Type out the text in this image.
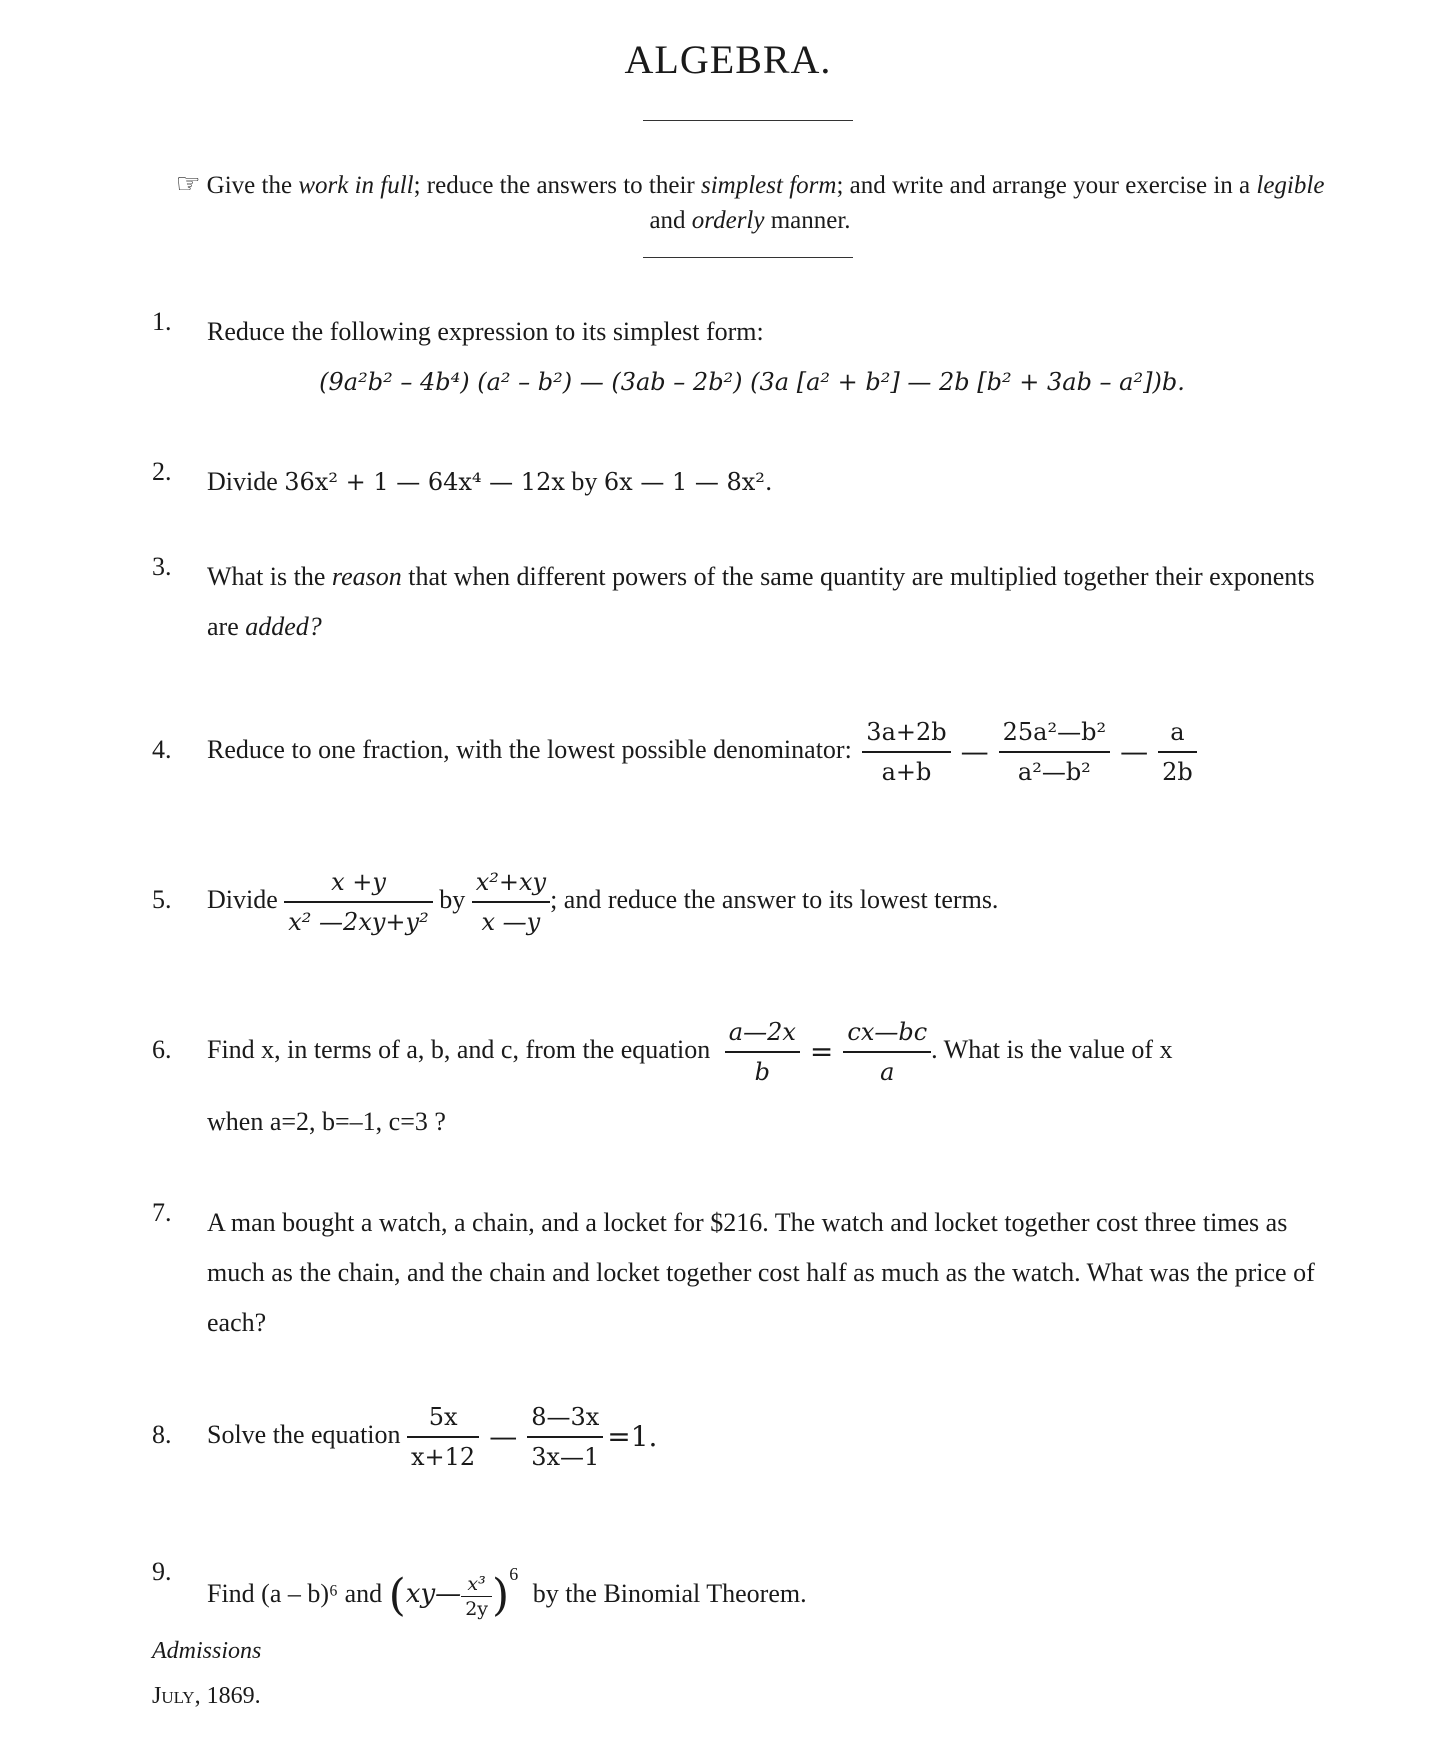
ALGEBRA.
☞ Give the work in full; reduce the answers to their simplest form; and write and arrange your exercise in a legible and orderly manner.
1. Reduce the following expression to its simplest form:
(9a²b² – 4b⁴) (a² – b²) — (3ab – 2b²) (3a [a² + b²] — 2b [b² + 3ab – a²])b.
2. Divide 36x² + 1 — 64x⁴ — 12x by 6x — 1 — 8x².
3. What is the reason that when different powers of the same quantity are multiplied together their exponents are added?
4. Reduce to one fraction, with the lowest possible denominator: $\frac{3a+2b}{a+b}$ — $\frac{\text{25a²—b²}}{\text{a²—b²}}$ — $\frac{a}{2b}$
5. Divide $\frac{x +y}{\text{x² —2xy+y²}}$ by $\frac{\text{x²+xy}}{x —y}$ ; and reduce the answer to its lowest terms.
6. Find x, in terms of a, b, and c, from the equation $\frac{a—2x}{b} = \frac{cx—bc}{a}$ . What is the value of x
when a=2, b=–1, c=3 ?
7. A man bought a watch, a chain, and a locket for $216. The watch and locket together cost three times as much as the chain, and the chain and locket together cost half as much as the watch. What was the price of each?
8. Solve the equation $\frac{5x}{x+12}$ — $\frac{8—3x}{3x—1} =1$.
9.
Find (a – b)⁶ and (xy— $\frac{\text{x³}}{2y} )^6$ by the Binomial Theorem.
Admissions
July, 1869.
